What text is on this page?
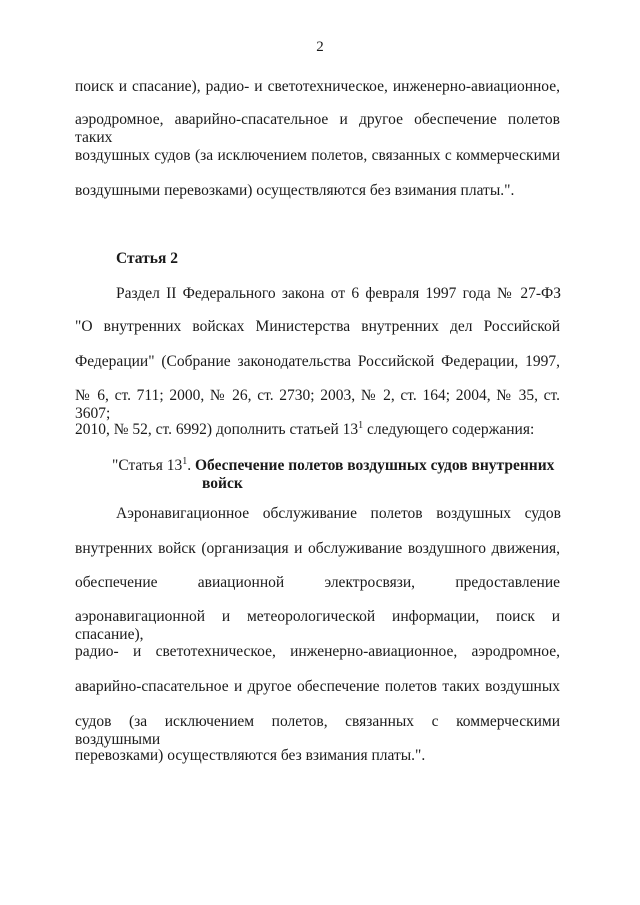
2
поиск и спасание), радио- и светотехническое, инженерно-авиационное,
аэродромное, аварийно-спасательное и другое обеспечение полетов таких
воздушных судов (за исключением полетов, связанных с коммерческими
воздушными перевозками) осуществляются без взимания платы.".
Статья 2
Раздел II Федерального закона от 6 февраля 1997 года № 27-ФЗ
"О внутренних войсках Министерства внутренних дел Российской
Федерации" (Собрание законодательства Российской Федерации, 1997,
№ 6, ст. 711; 2000, № 26, ст. 2730; 2003, № 2, ст. 164; 2004, № 35, ст. 3607;
2010, № 52, ст. 6992) дополнить статьей $13^1$ следующего содержания:
"Статья $13^1$. Обеспечение полетов воздушных судов внутренних
войск
Аэронавигационное обслуживание полетов воздушных судов
внутренних войск (организация и обслуживание воздушного движения,
обеспечение авиационной электросвязи, предоставление
аэронавигационной и метеорологической информации, поиск и спасание),
радио- и светотехническое, инженерно-авиационное, аэродромное,
аварийно-спасательное и другое обеспечение полетов таких воздушных
судов (за исключением полетов, связанных с коммерческими воздушными
перевозками) осуществляются без взимания платы.".
